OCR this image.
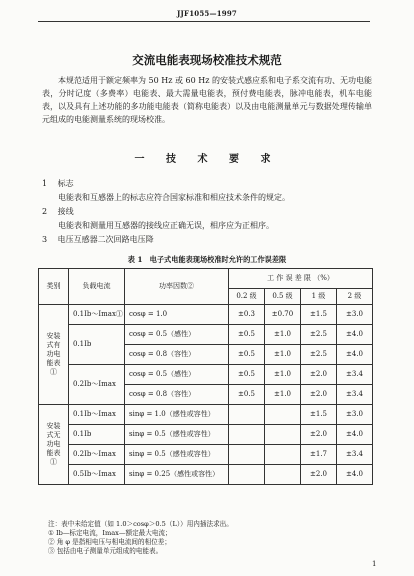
JJF1055—1997
交流电能表现场校准技术规范
本规范适用于额定频率为 50 Hz 或 60 Hz 的安装式感应系和电子系交流有功、无功电能表，分时记度（多费率）电能表、最大需量电能表，预付费电能表，脉冲电能表，机车电能表，以及具有上述功能的多功能电能表（简称电能表）以及由电能测量单元与数据处理传输单元组成的电能测量系统的现场校准。
一 技 术 要 求
1 标志
电能表和互感器上的标志应符合国家标准和相应技术条件的规定。
2 接线
电能表和测量用互感器的接线应正确无误，相序应为正相序。
3 电压互感器二次回路电压降
表 1　电子式电能表现场校准时允许的工作误差限
类别	负载电流	功率因数②	工 作 误 差 限 （%）			
			0.2 级	0.5 级	1 级	2 级
安装式有功电能表①	0.1Ib～Imax①	cosφ = 1.0	±0.3	±0.70	±1.5	±3.0
	0.1Ib	cosφ = 0.5（感性）	±0.5	±1.0	±2.5	±4.0
		cosφ = 0.8（容性）	±0.5	±1.0	±2.5	±4.0
	0.2Ib～Imax	cosφ = 0.5（感性）	±0.5	±1.0	±2.0	±3.4
		cosφ = 0.8（容性）	±0.5	±1.0	±2.0	±3.4
安装式无功电能表①	0.1Ib～Imax	sinφ = 1.0（感性或容性）			±1.5	±3.0
	0.1Ib	sinφ = 0.5（感性或容性）			±2.0	±4.0
	0.2Ib～Imax	sinφ = 0.5（感性或容性）			±1.7	±3.4
	0.5Ib～Imax	sinφ = 0.25（感性或容性）			±2.0	±4.0
注：表中未给定值（如 1.0＞cosφ＞0.5（L））用内插法求出。
① Ib—标定电流，Imax—额定最大电流；
② 角 φ 是指相电压与相电流间的相位差；
③ 包括由电子测量单元组成的电能表。
1
